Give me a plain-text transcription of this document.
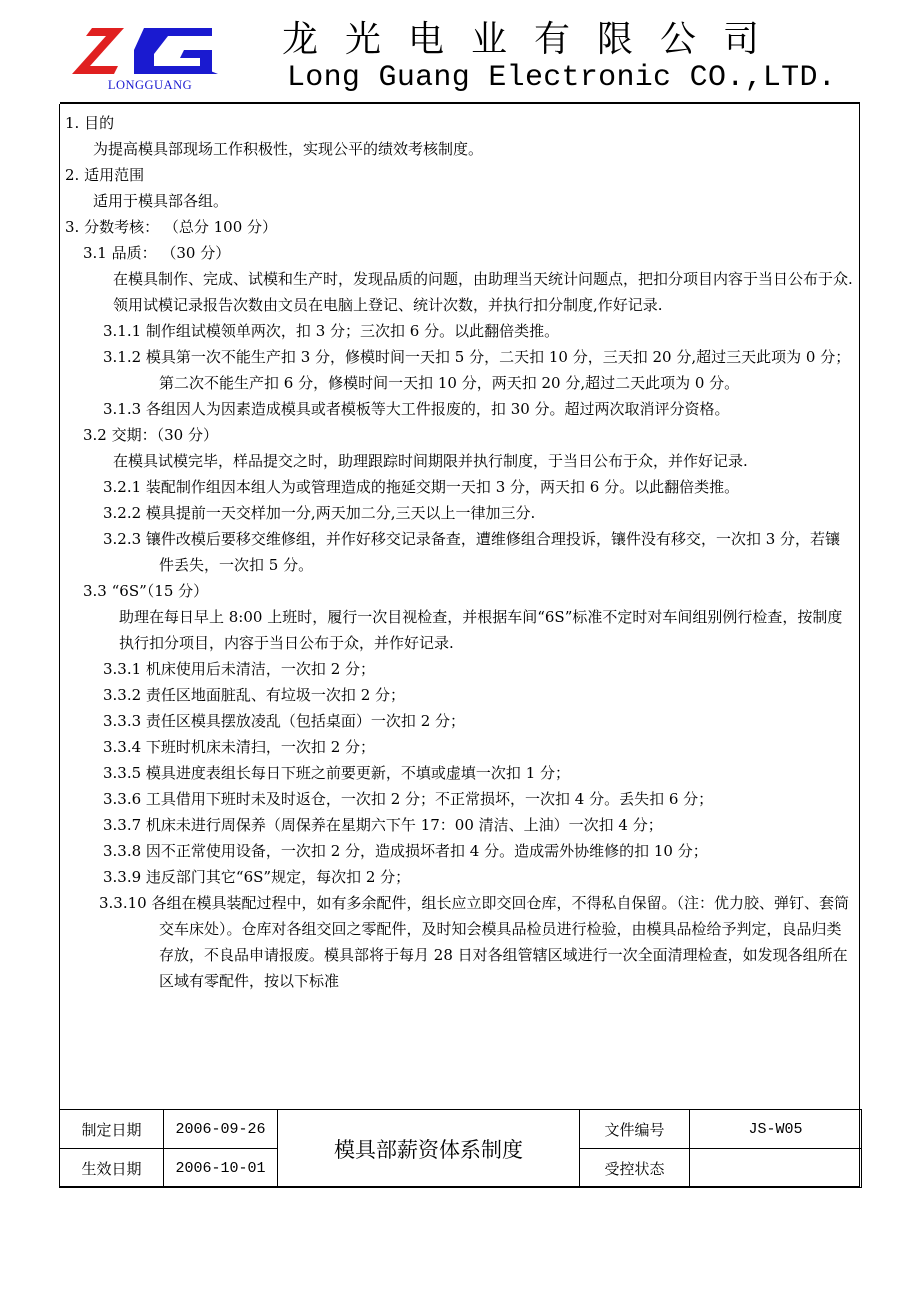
LONGGUANG
龙光电业有限公司
Long Guang Electronic CO.,LTD.
1. 目的
为提高模具部现场工作积极性，实现公平的绩效考核制度。
2. 适用范围
适用于模具部各组。
3. 分数考核： （总分 100 分）
3.1 品质： （30 分）
在模具制作、完成、试模和生产时，发现品质的问题，由助理当天统计问题点，把扣分项目内容于当日公布于众.领用试模记录报告次数由文员在电脑上登记、统计次数，并执行扣分制度,作好记录.
3.1.1 制作组试模领单两次，扣 3 分；三次扣 6 分。以此翻倍类推。
3.1.2 模具第一次不能生产扣 3 分，修模时间一天扣 5 分，二天扣 10 分，三天扣 20 分,超过三天此项为 0 分；第二次不能生产扣 6 分，修模时间一天扣 10 分，两天扣 20 分,超过二天此项为 0 分。
3.1.3 各组因人为因素造成模具或者模板等大工件报废的，扣 30 分。超过两次取消评分资格。
3.2 交期：（30 分）
在模具试模完毕，样品提交之时，助理跟踪时间期限并执行制度，于当日公布于众，并作好记录.
3.2.1 装配制作组因本组人为或管理造成的拖延交期一天扣 3 分，两天扣 6 分。以此翻倍类推。
3.2.2 模具提前一天交样加一分,两天加二分,三天以上一律加三分.
3.2.3 镶件改模后要移交维修组，并作好移交记录备查，遭维修组合理投诉，镶件没有移交，一次扣 3 分，若镶件丢失，一次扣 5 分。
3.3 “6S”（15 分）
助理在每日早上 8:00 上班时，履行一次目视检查，并根据车间“6S”标准不定时对车间组别例行检查，按制度执行扣分项目，内容于当日公布于众，并作好记录.
3.3.1 机床使用后未清洁，一次扣 2 分；
3.3.2 责任区地面脏乱、有垃圾一次扣 2 分；
3.3.3 责任区模具摆放凌乱（包括桌面）一次扣 2 分；
3.3.4 下班时机床未清扫，一次扣 2 分；
3.3.5 模具进度表组长每日下班之前要更新，不填或虚填一次扣 1 分；
3.3.6 工具借用下班时未及时返仓，一次扣 2 分；不正常损坏，一次扣 4 分。丢失扣 6 分；
3.3.7 机床未进行周保养（周保养在星期六下午 17：00 清洁、上油）一次扣 4 分；
3.3.8 因不正常使用设备，一次扣 2 分，造成损坏者扣 4 分。造成需外协维修的扣 10 分；
3.3.9 违反部门其它“6S”规定，每次扣 2 分；
3.3.10 各组在模具装配过程中，如有多余配件，组长应立即交回仓库，不得私自保留。（注：优力胶、弹钉、套筒交车床处）。仓库对各组交回之零配件，及时知会模具品检员进行检验，由模具品检给予判定，良品归类存放，不良品申请报废。模具部将于每月 28 日对各组管辖区域进行一次全面清理检查，如发现各组所在区域有零配件，按以下标准
制定日期	2006-09-26	模具部薪资体系制度	文件编号	JS-W05
生效日期	2006-10-01		受控状态	
